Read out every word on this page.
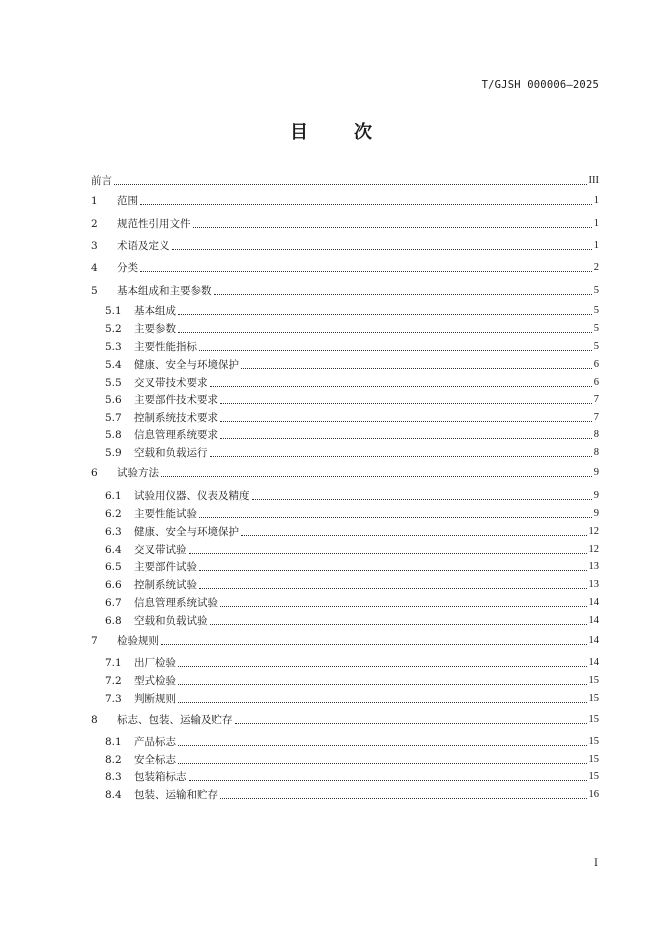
T/GJSH 000006—2025
目　次
前言	III
1	范围	1
2	规范性引用文件	1
3	术语及定义	1
4	分类	2
5	基本组成和主要参数	5
5.1	基本组成	5
5.2	主要参数	5
5.3	主要性能指标	5
5.4	健康、安全与环境保护	6
5.5	交叉带技术要求	6
5.6	主要部件技术要求	7
5.7	控制系统技术要求	7
5.8	信息管理系统要求	8
5.9	空载和负载运行	8
6	试验方法	9
6.1	试验用仪器、仪表及精度	9
6.2	主要性能试验	9
6.3	健康、安全与环境保护	12
6.4	交叉带试验	12
6.5	主要部件试验	13
6.6	控制系统试验	13
6.7	信息管理系统试验	14
6.8	空载和负载试验	14
7	检验规则	14
7.1	出厂检验	14
7.2	型式检验	15
7.3	判断规则	15
8	标志、包装、运输及贮存	15
8.1	产品标志	15
8.2	安全标志	15
8.3	包装箱标志	15
8.4	包装、运输和贮存	16
I
